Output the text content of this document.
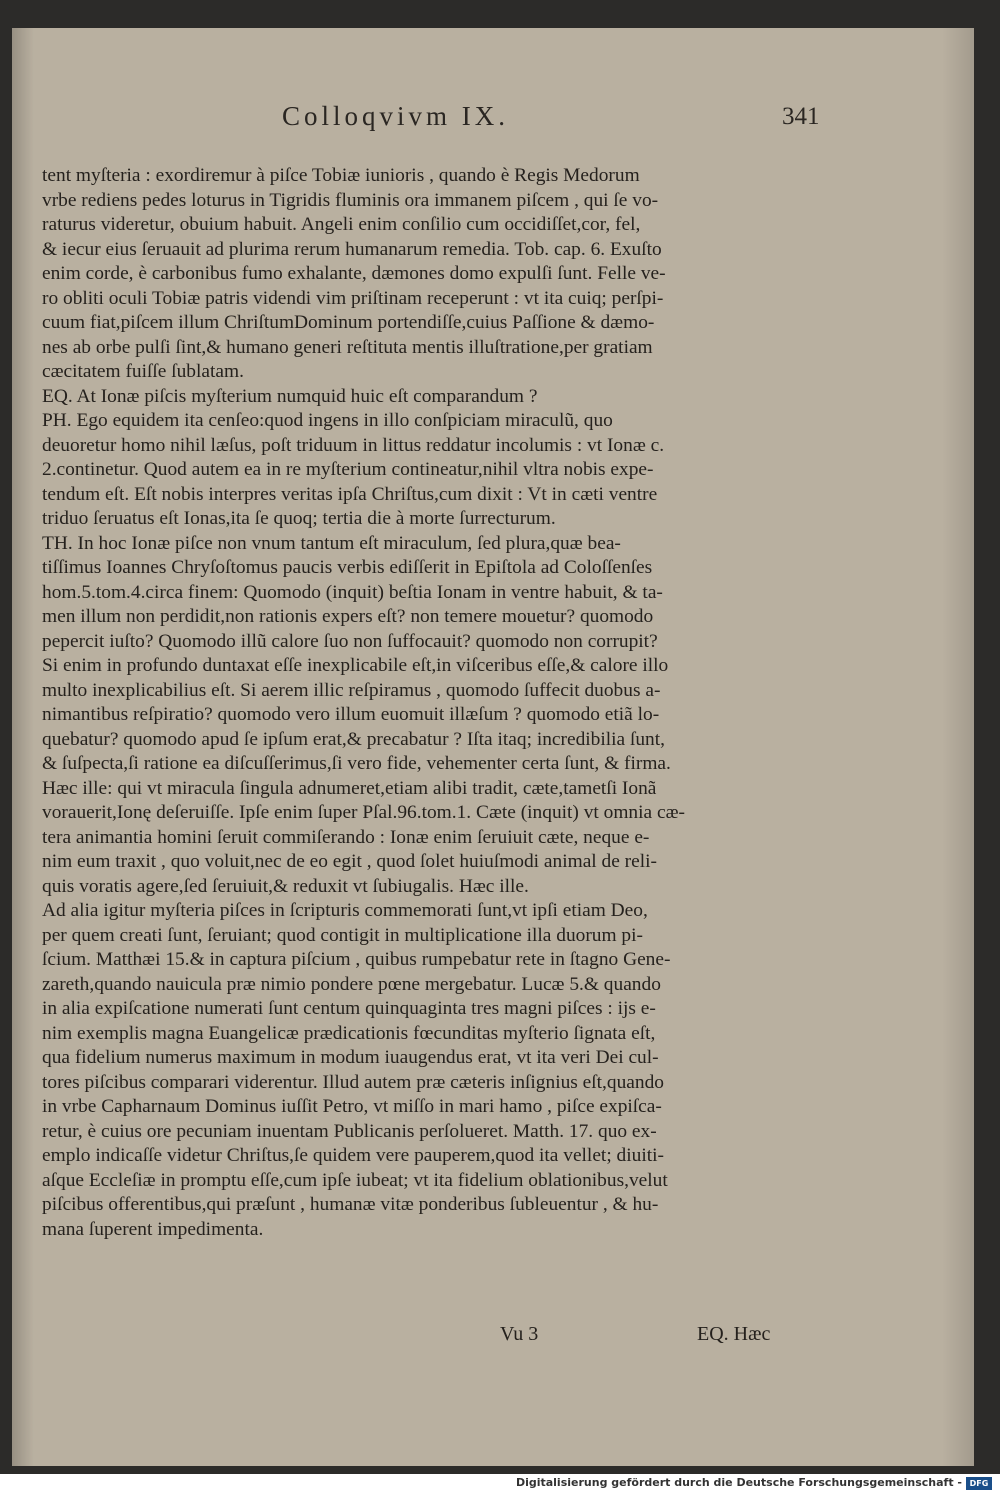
Colloqvivm IX.	341
tent myſteria : exordiremur à piſce Tobiæ iunioris , quando è Regis Medorum
vrbe rediens pedes loturus in Tigridis fluminis ora immanem piſcem , qui ſe vo-
raturus videretur, obuium habuit. Angeli enim conſilio cum occidiſſet,cor, fel,
& iecur eius ſeruauit ad plurima rerum humanarum remedia. Tob. cap. 6. Exuſto
enim corde, è carbonibus fumo exhalante, dæmones domo expulſi ſunt. Felle ve-
ro obliti oculi Tobiæ patris videndi vim priſtinam receperunt : vt ita cuiq; perſpi-
cuum fiat,piſcem illum ChriſtumDominum portendiſſe,cuius Paſſione & dæmo-
nes ab orbe pulſi ſint,& humano generi reſtituta mentis illuſtratione,per gratiam
cæcitatem fuiſſe ſublatam.
EQ. At Ionæ piſcis myſterium numquid huic eſt comparandum ?
PH. Ego equidem ita cenſeo:quod ingens in illo conſpiciam miraculũ, quo
deuoretur homo nihil læſus, poſt triduum in littus reddatur incolumis : vt Ionæ c.
2.continetur. Quod autem ea in re myſterium contineatur,nihil vltra nobis expe-
tendum eſt. Eſt nobis interpres veritas ipſa Chriſtus,cum dixit : Vt in cæti ventre
triduo ſeruatus eſt Ionas,ita ſe quoq; tertia die à morte ſurrecturum.
TH. In hoc Ionæ piſce non vnum tantum eſt miraculum, ſed plura,quæ bea-
tiſſimus Ioannes Chryſoſtomus paucis verbis ediſſerit in Epiſtola ad Coloſſenſes
hom.5.tom.4.circa finem: Quomodo (inquit) beſtia Ionam in ventre habuit, & ta-
men illum non perdidit,non rationis expers eſt? non temere mouetur? quomodo
pepercit iuſto? Quomodo illũ calore ſuo non ſuffocauit? quomodo non corrupit?
Si enim in profundo duntaxat eſſe inexplicabile eſt,in viſceribus eſſe,& calore illo
multo inexplicabilius eſt. Si aerem illic reſpiramus , quomodo ſuffecit duobus a-
nimantibus reſpiratio? quomodo vero illum euomuit illæſum ? quomodo etiã lo-
quebatur? quomodo apud ſe ipſum erat,& precabatur ? Iſta itaq; incredibilia ſunt,
& ſuſpecta,ſi ratione ea diſcuſſerimus,ſi vero fide, vehementer certa ſunt, & firma.
Hæc ille: qui vt miracula ſingula adnumeret,etiam alibi tradit, cæte,tametſi Ionã
vorauerit,Ionę deſeruiſſe. Ipſe enim ſuper Pſal.96.tom.1. Cæte (inquit) vt omnia cæ-
tera animantia homini ſeruit commiſerando : Ionæ enim ſeruiuit cæte, neque e-
nim eum traxit , quo voluit,nec de eo egit , quod ſolet huiuſmodi animal de reli-
quis voratis agere,ſed ſeruiuit,& reduxit vt ſubiugalis. Hæc ille.
Ad alia igitur myſteria piſces in ſcripturis commemorati ſunt,vt ipſi etiam Deo,
per quem creati ſunt, ſeruiant; quod contigit in multiplicatione illa duorum pi-
ſcium. Matthæi 15.& in captura piſcium , quibus rumpebatur rete in ſtagno Gene-
zareth,quando nauicula præ nimio pondere pœne mergebatur. Lucæ 5.& quando
in alia expiſcatione numerati ſunt centum quinquaginta tres magni piſces : ijs e-
nim exemplis magna Euangelicæ prædicationis fœcunditas myſterio ſignata eſt,
qua fidelium numerus maximum in modum iuaugendus erat, vt ita veri Dei cul-
tores piſcibus comparari viderentur. Illud autem præ cæteris inſignius eſt,quando
in vrbe Capharnaum Dominus iuſſit Petro, vt miſſo in mari hamo , piſce expiſca-
retur, è cuius ore pecuniam inuentam Publicanis perſolueret. Matth. 17. quo ex-
emplo indicaſſe videtur Chriſtus,ſe quidem vere pauperem,quod ita vellet; diuiti-
aſque Eccleſiæ in promptu eſſe,cum ipſe iubeat; vt ita fidelium oblationibus,velut
piſcibus offerentibus,qui præſunt , humanæ vitæ ponderibus ſubleuentur , & hu-
mana ſuperent impedimenta.
Vu 3	EQ. Hæc
Digitalisierung gefördert durch die Deutsche Forschungsgemeinschaft - DFG
